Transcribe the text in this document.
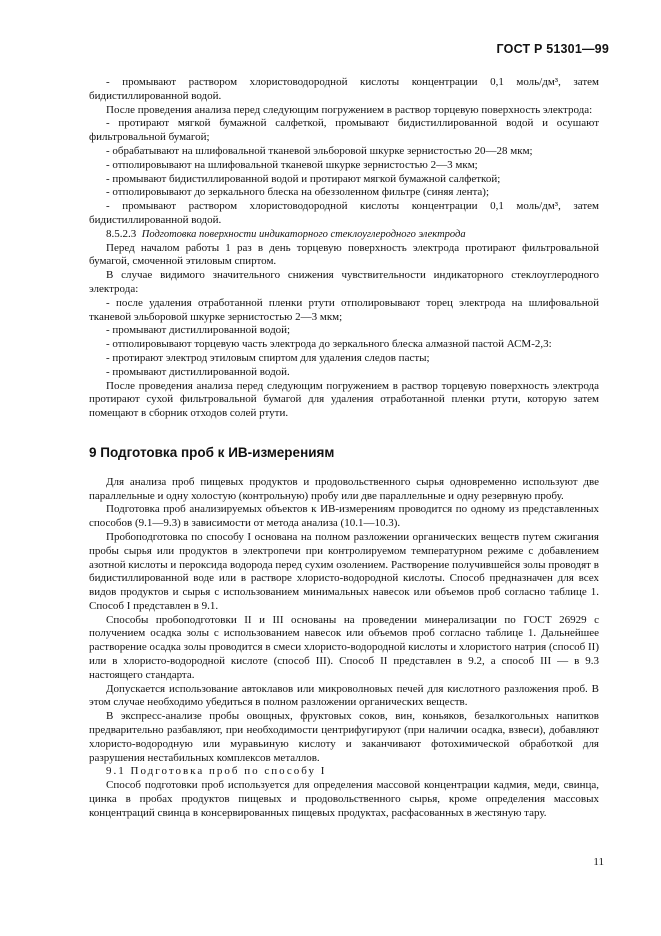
ГОСТ Р 51301—99

- промывают раствором хлористоводородной кислоты концентрации 0,1 моль/дм³, затем бидистиллированной водой.

После проведения анализа перед следующим погружением в раствор торцевую поверхность электрода:

- протирают мягкой бумажной салфеткой, промывают бидистиллированной водой и осушают фильтровальной бумагой;

- обрабатывают на шлифовальной тканевой эльборовой шкурке зернистостью 20—28 мкм;

- отполировывают на шлифовальной тканевой шкурке зернистостью 2—3 мкм;

- промывают бидистиллированной водой и протирают мягкой бумажной салфеткой;

- отполировывают до зеркального блеска на обеззоленном фильтре (синяя лента);

- промывают раствором хлористоводородной кислоты концентрации 0,1 моль/дм³, затем бидистиллированной водой.

8.5.2.3 Подготовка поверхности индикаторного стеклоуглеродного электрода

Перед началом работы 1 раз в день торцевую поверхность электрода протирают фильтровальной бумагой, смоченной этиловым спиртом.

В случае видимого значительного снижения чувствительности индикаторного стеклоуглеродного электрода:

- после удаления отработанной пленки ртути отполировывают торец электрода на шлифовальной тканевой эльборовой шкурке зернистостью 2—3 мкм;

- промывают дистиллированной водой;

- отполировывают торцевую часть электрода до зеркального блеска алмазной пастой АСМ-2,3:

- протирают электрод этиловым спиртом для удаления следов пасты;

- промывают дистиллированной водой.

После проведения анализа перед следующим погружением в раствор торцевую поверхность электрода протирают сухой фильтровальной бумагой для удаления отработанной пленки ртути, которую затем помещают в сборник отходов солей ртути.

9 Подготовка проб к ИВ-измерениям

Для анализа проб пищевых продуктов и продовольственного сырья одновременно используют две параллельные и одну холостую (контрольную) пробу или две параллельные и одну резервную пробу.

Подготовка проб анализируемых объектов к ИВ-измерениям проводится по одному из представленных способов (9.1—9.3) в зависимости от метода анализа (10.1—10.3).

Пробоподготовка по способу I основана на полном разложении органических веществ путем сжигания пробы сырья или продуктов в электропечи при контролируемом температурном режиме с добавлением азотной кислоты и пероксида водорода перед сухим озолением. Растворение получившейся золы проводят в бидистиллированной воде или в растворе хлористо-водородной кислоты. Способ предназначен для всех видов продуктов и сырья с использованием минимальных навесок или объемов проб согласно таблице 1. Способ I представлен в 9.1.

Способы пробоподготовки II и III основаны на проведении минерализации по ГОСТ 26929 с получением осадка золы с использованием навесок или объемов проб согласно таблице 1. Дальнейшее растворение осадка золы проводится в смеси хлористо-водородной кислоты и хлористого натрия (способ II) или в хлористо-водородной кислоте (способ III). Способ II представлен в 9.2, а способ III — в 9.3 настоящего стандарта.

Допускается использование автоклавов или микроволновых печей для кислотного разложения проб. В этом случае необходимо убедиться в полном разложении органических веществ.

В экспресс-анализе пробы овощных, фруктовых соков, вин, коньяков, безалкогольных напитков предварительно разбавляют, при необходимости центрифугируют (при наличии осадка, взвеси), добавляют хлористо-водородную или муравьиную кислоту и заканчивают фотохимической обработкой для разрушения нестабильных комплексов металлов.

9.1 Подготовка проб по способу I

Способ подготовки проб используется для определения массовой концентрации кадмия, меди, свинца, цинка в пробах продуктов пищевых и продовольственного сырья, кроме определения массовых концентраций свинца в консервированных пищевых продуктах, расфасованных в жестяную тару.

11
